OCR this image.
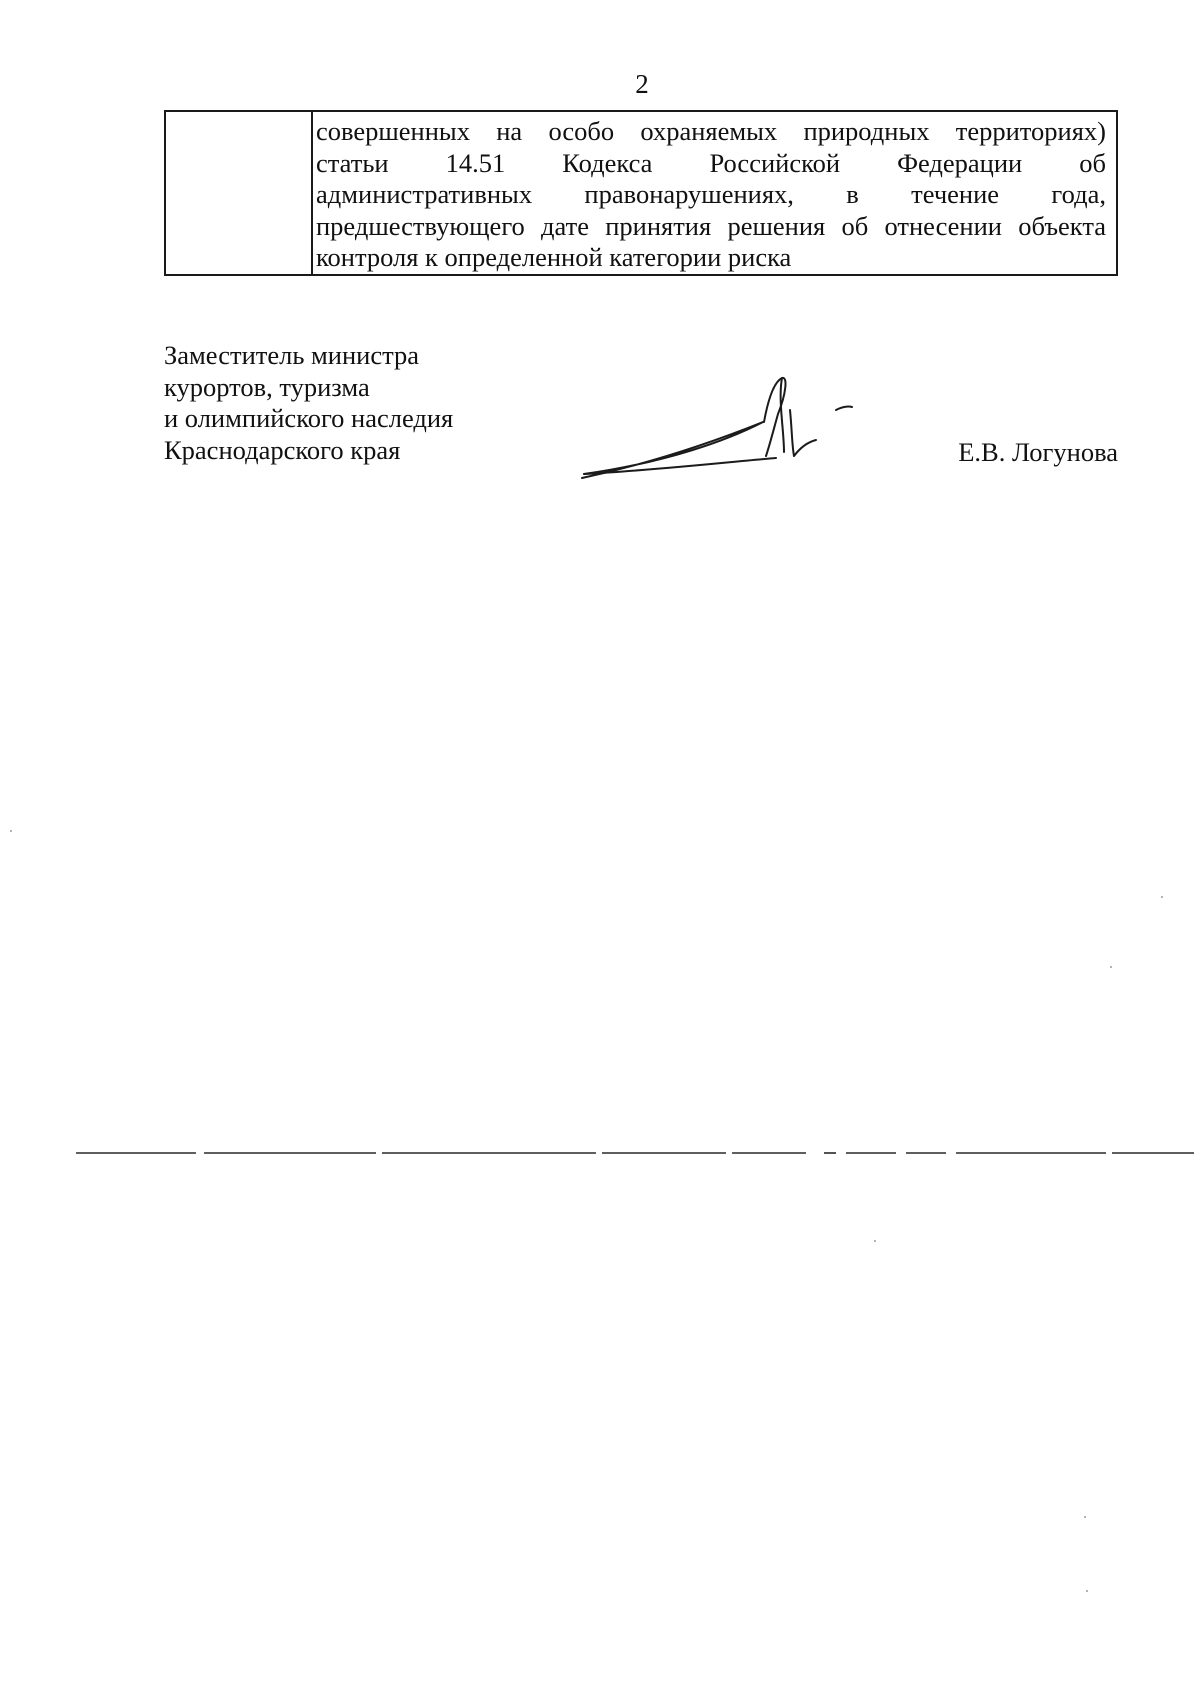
2
совершенных на особо охраняемых природных территориях)
статьи 14.51 Кодекса Российской Федерации об
административных правонарушениях, в течение года,
предшествующего дате принятия решения об отнесении объекта
контроля к определенной категории риска
Заместитель министра
курортов, туризма
и олимпийского наследия
Краснодарского края	Е.В. Логунова
